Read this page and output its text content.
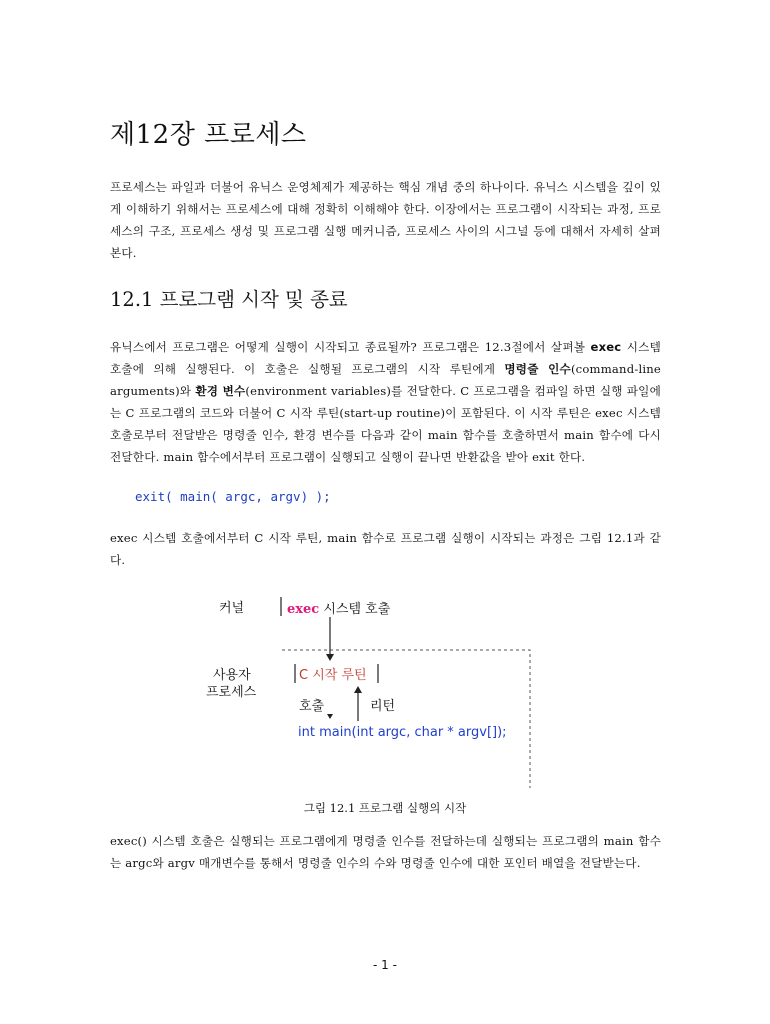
제12장 프로세스

프로세스는 파일과 더불어 유닉스 운영체제가 제공하는 핵심 개념 중의 하나이다. 유닉스 시스템을 깊이 있게 이해하기 위해서는 프로세스에 대해 정확히 이해해야 한다. 이장에서는 프로그램이 시작되는 과정, 프로세스의 구조, 프로세스 생성 및 프로그램 실행 메커니즘, 프로세스 사이의 시그널 등에 대해서 자세히 살펴본다.

12.1 프로그램 시작 및 종료

유닉스에서 프로그램은 어떻게 실행이 시작되고 종료될까? 프로그램은 12.3절에서 살펴볼 exec 시스템 호출에 의해 실행된다. 이 호출은 실행될 프로그램의 시작 루틴에게 명령줄 인수(command-line arguments)와 환경 변수(environment variables)를 전달한다. C 프로그램을 컴파일 하면 실행 파일에는 C 프로그램의 코드와 더불어 C 시작 루틴(start-up routine)이 포함된다. 이 시작 루틴은 exec 시스템 호출로부터 전달받은 명령줄 인수, 환경 변수를 다음과 같이 main 함수를 호출하면서 main 함수에 다시 전달한다. main 함수에서부터 프로그램이 실행되고 실행이 끝나면 반환값을 받아 exit 한다.

exit( main( argc, argv) );

exec 시스템 호출에서부터 C 시작 루틴, main 함수로 프로그램 실행이 시작되는 과정은 그림 12.1과 같다.

커널	exec 시스템 호출
사용자
프로세스
C 시작 루틴
호출	리턴
int main(int argc, char * argv[]);

그림 12.1 프로그램 실행의 시작

exec() 시스템 호출은 실행되는 프로그램에게 명령줄 인수를 전달하는데 실행되는 프로그램의 main 함수는 argc와 argv 매개변수를 통해서 명령줄 인수의 수와 명령줄 인수에 대한 포인터 배열을 전달받는다.

- 1 -
